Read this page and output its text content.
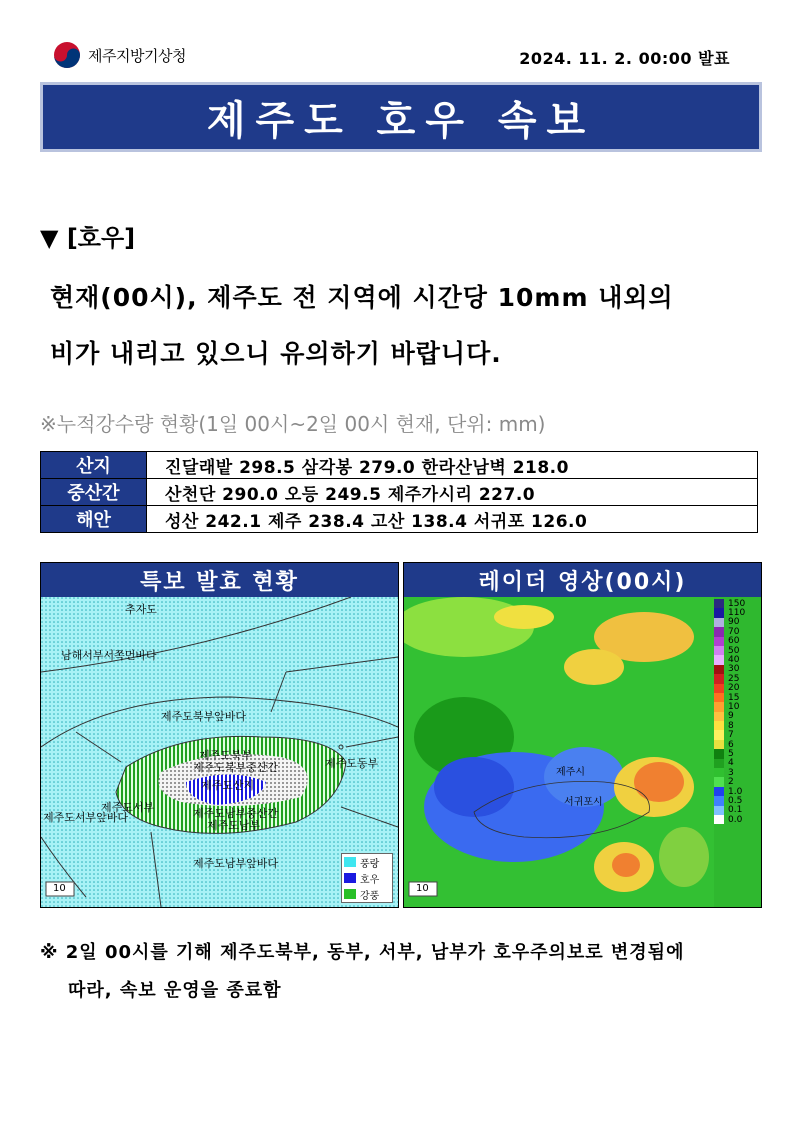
제주지방기상청	2024. 11. 2. 00:00 발표
제주도 호우 속보
▼ [호우]
현재(00시), 제주도 전 지역에 시간당 10mm 내외의
비가 내리고 있으니 유의하기 바랍니다.
※누적강수량 현황(1일 00시~2일 00시 현재, 단위: mm)
산지	진달래밭 298.5 삼각봉 279.0 한라산남벽 218.0
중산간	산천단 290.0 오등 249.5 제주가시리 227.0
해안	성산 242.1 제주 238.4 고산 138.4 서귀포 126.0
특보 발효 현황
추자도
남해서부서쪽먼바다
제주도북부앞바다
제주도북부
제주도북부중산간	제주도동부
제주도산지
제주도서부
제주도서부앞바다	제주도남부중산간
제주도남부
제주도남부앞바다
10
풍랑
호우
강풍
레이더 영상(00시)
제주시
서귀포시
10
150
110
90
70
60
50
40
30
25
20
15
10
9
8
7
6
5
4
3
2
1.0
0.5
0.1
0.0
※ 2일 00시를 기해 제주도북부, 동부, 서부, 남부가 호우주의보로 변경됨에
따라, 속보 운영을 종료함
